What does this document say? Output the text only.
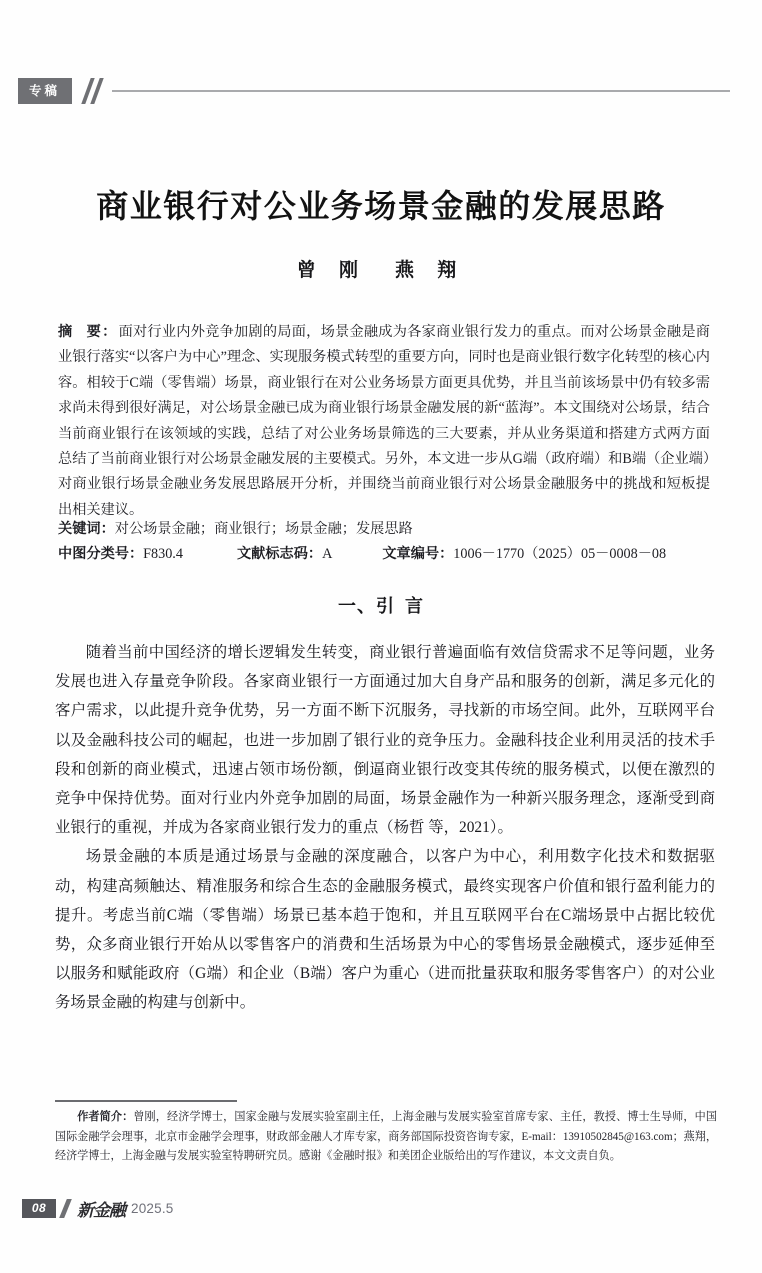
专稿
商业银行对公业务场景金融的发展思路
曾 刚 燕 翔
摘 要：面对行业内外竞争加剧的局面，场景金融成为各家商业银行发力的重点。而对公场景金融是商业银行落实“以客户为中心”理念、实现服务模式转型的重要方向，同时也是商业银行数字化转型的核心内容。相较于C端（零售端）场景，商业银行在对公业务场景方面更具优势，并且当前该场景中仍有较多需求尚未得到很好满足，对公场景金融已成为商业银行场景金融发展的新“蓝海”。本文围绕对公场景，结合当前商业银行在该领域的实践，总结了对公业务场景筛选的三大要素，并从业务渠道和搭建方式两方面总结了当前商业银行对公场景金融发展的主要模式。另外，本文进一步从G端（政府端）和B端（企业端）对商业银行场景金融业务发展思路展开分析，并围绕当前商业银行对公场景金融服务中的挑战和短板提出相关建议。
关键词：对公场景金融；商业银行；场景金融；发展思路
中图分类号：F830.4	文献标志码：A	文章编号：1006－1770（2025）05－0008－08
一、引 言

随着当前中国经济的增长逻辑发生转变，商业银行普遍面临有效信贷需求不足等问题，业务发展也进入存量竞争阶段。各家商业银行一方面通过加大自身产品和服务的创新，满足多元化的客户需求，以此提升竞争优势，另一方面不断下沉服务，寻找新的市场空间。此外，互联网平台以及金融科技公司的崛起，也进一步加剧了银行业的竞争压力。金融科技企业利用灵活的技术手段和创新的商业模式，迅速占领市场份额，倒逼商业银行改变其传统的服务模式，以便在激烈的竞争中保持优势。面对行业内外竞争加剧的局面，场景金融作为一种新兴服务理念，逐渐受到商业银行的重视，并成为各家商业银行发力的重点（杨哲 等，2021）。

场景金融的本质是通过场景与金融的深度融合，以客户为中心，利用数字化技术和数据驱动，构建高频触达、精准服务和综合生态的金融服务模式，最终实现客户价值和银行盈利能力的提升。考虑当前C端（零售端）场景已基本趋于饱和，并且互联网平台在C端场景中占据比较优势，众多商业银行开始从以零售客户的消费和生活场景为中心的零售场景金融模式，逐步延伸至以服务和赋能政府（G端）和企业（B端）客户为重心（进而批量获取和服务零售客户）的对公业务场景金融的构建与创新中。

作者简介：曾刚，经济学博士，国家金融与发展实验室副主任，上海金融与发展实验室首席专家、主任，教授、博士生导师，中国国际金融学会理事，北京市金融学会理事，财政部金融人才库专家，商务部国际投资咨询专家，E-mail：13910502845@163.com；燕翔，经济学博士，上海金融与发展实验室特聘研究员。感谢《金融时报》和美团企业版给出的写作建议，本文文责自负。
08	新金融 2025.5
